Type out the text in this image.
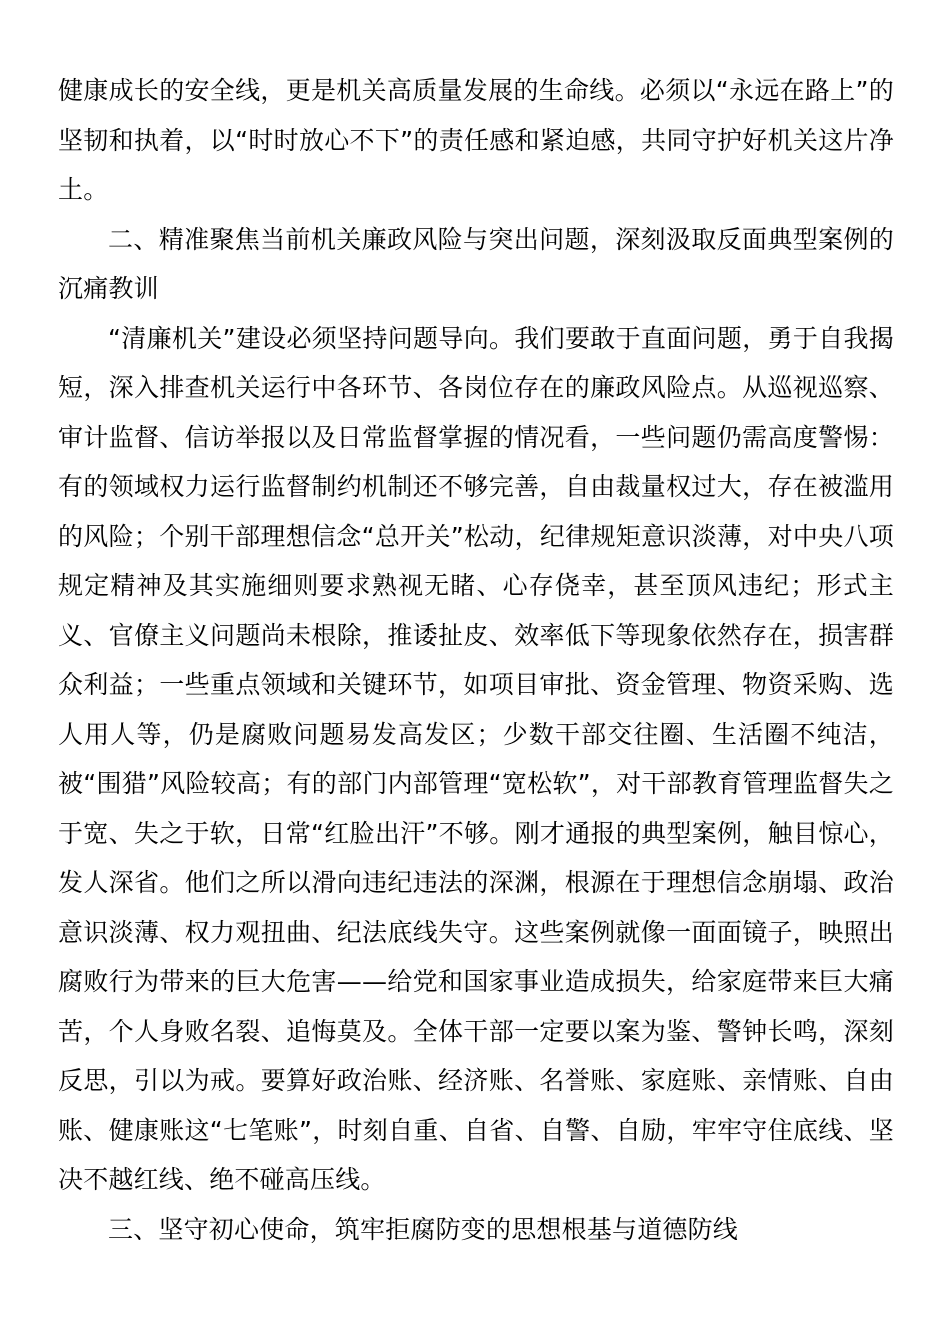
健康成长的安全线，更是机关高质量发展的生命线。必须以“永远在路上”的坚韧和执着，以“时时放心不下”的责任感和紧迫感，共同守护好机关这片净土。

二、精准聚焦当前机关廉政风险与突出问题，深刻汲取反面典型案例的沉痛教训

“清廉机关”建设必须坚持问题导向。我们要敢于直面问题，勇于自我揭短，深入排查机关运行中各环节、各岗位存在的廉政风险点。从巡视巡察、审计监督、信访举报以及日常监督掌握的情况看，一些问题仍需高度警惕：有的领域权力运行监督制约机制还不够完善，自由裁量权过大，存在被滥用的风险；个别干部理想信念“总开关”松动，纪律规矩意识淡薄，对中央八项规定精神及其实施细则要求熟视无睹、心存侥幸，甚至顶风违纪；形式主义、官僚主义问题尚未根除，推诿扯皮、效率低下等现象依然存在，损害群众利益；一些重点领域和关键环节，如项目审批、资金管理、物资采购、选人用人等，仍是腐败问题易发高发区；少数干部交往圈、生活圈不纯洁，被“围猎”风险较高；有的部门内部管理“宽松软”，对干部教育管理监督失之于宽、失之于软，日常“红脸出汗”不够。刚才通报的典型案例，触目惊心，发人深省。他们之所以滑向违纪违法的深渊，根源在于理想信念崩塌、政治意识淡薄、权力观扭曲、纪法底线失守。这些案例就像一面面镜子，映照出腐败行为带来的巨大危害——给党和国家事业造成损失，给家庭带来巨大痛苦，个人身败名裂、追悔莫及。全体干部一定要以案为鉴、警钟长鸣，深刻反思，引以为戒。要算好政治账、经济账、名誉账、家庭账、亲情账、自由账、健康账这“七笔账”，时刻自重、自省、自警、自励，牢牢守住底线、坚决不越红线、绝不碰高压线。

三、坚守初心使命，筑牢拒腐防变的思想根基与道德防线
